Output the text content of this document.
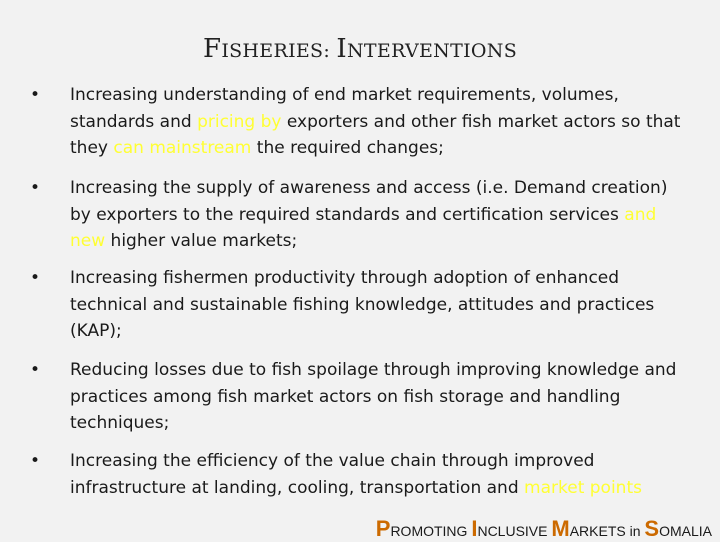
FISHERIES: INTERVENTIONS
•	Increasing understanding of end market requirements, volumes, standards and pricing by exporters and other fish market actors so that they can mainstream the required changes;
•	Increasing the supply of awareness and access (i.e. Demand creation) by exporters to the required standards and certification services and new higher value markets;
•	Increasing fishermen productivity through adoption of enhanced technical and sustainable fishing knowledge, attitudes and practices (KAP);
•	Reducing losses due to fish spoilage through improving knowledge and practices among fish market actors on fish storage and handling techniques;
•	Increasing the efficiency of the value chain through improved infrastructure at landing, cooling, transportation and market points
PROMOTING INCLUSIVE MARKETS in SOMALIA
